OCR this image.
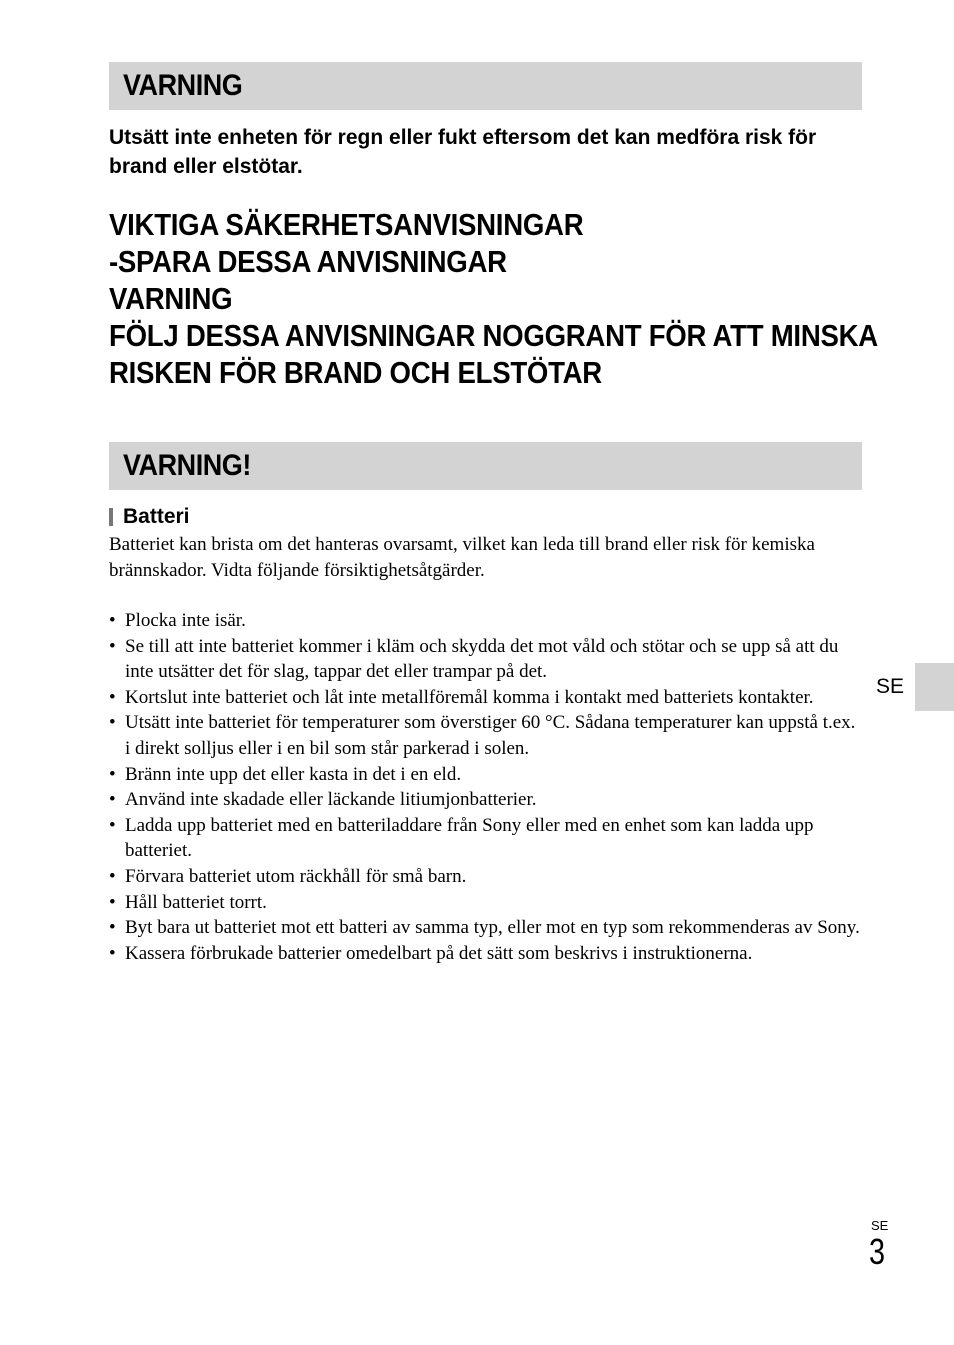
VARNING
Utsätt inte enheten för regn eller fukt eftersom det kan medföra risk för brand eller elstötar.
VIKTIGA SÄKERHETSANVISNINGAR
-SPARA DESSA ANVISNINGAR
VARNING
FÖLJ DESSA ANVISNINGAR NOGGRANT FÖR ATT MINSKA
RISKEN FÖR BRAND OCH ELSTÖTAR
VARNING!
Batteri
Batteriet kan brista om det hanteras ovarsamt, vilket kan leda till brand eller risk för kemiska brännskador. Vidta följande försiktighetsåtgärder.
• Plocka inte isär.
• Se till att inte batteriet kommer i kläm och skydda det mot våld och stötar och se upp så att du inte utsätter det för slag, tappar det eller trampar på det.
• Kortslut inte batteriet och låt inte metallföremål komma i kontakt med batteriets kontakter.
• Utsätt inte batteriet för temperaturer som överstiger 60 °C. Sådana temperaturer kan uppstå t.ex. i direkt solljus eller i en bil som står parkerad i solen.
• Bränn inte upp det eller kasta in det i en eld.
• Använd inte skadade eller läckande litiumjonbatterier.
• Ladda upp batteriet med en batteriladdare från Sony eller med en enhet som kan ladda upp batteriet.
• Förvara batteriet utom räckhåll för små barn.
• Håll batteriet torrt.
• Byt bara ut batteriet mot ett batteri av samma typ, eller mot en typ som rekommenderas av Sony.
• Kassera förbrukade batterier omedelbart på det sätt som beskrivs i instruktionerna.
SE
SE
3
